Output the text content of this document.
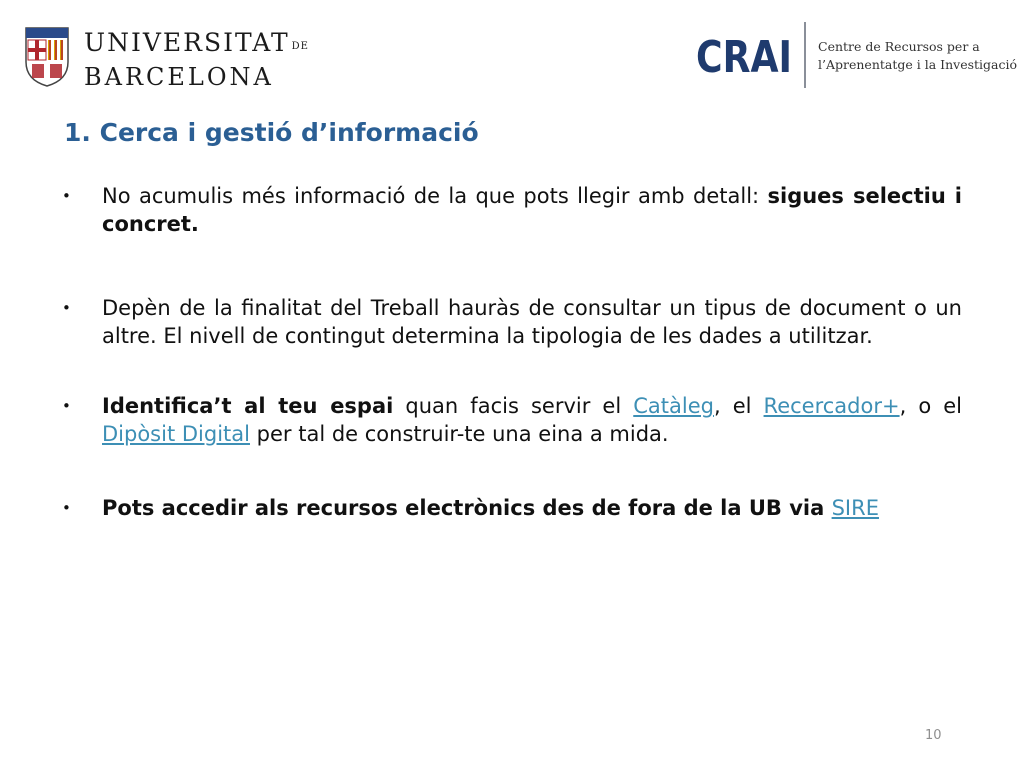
UNIVERSITAT DE
BARCELONA	CRAI Centre de Recursos per a
l’Aprenentatge i la Investigació
1. Cerca i gestió d’informació
• No acumulis més informació de la que pots llegir amb detall: sigues selectiu i concret.
• Depèn de la finalitat del Treball hauràs de consultar un tipus de document o un altre. El nivell de contingut determina la tipologia de les dades a utilitzar.
• Identifica’t al teu espai quan facis servir el Catàleg, el Recercador+, o el Dipòsit Digital per tal de construir-te una eina a mida.
• Pots accedir als recursos electrònics des de fora de la UB via SIRE
10
